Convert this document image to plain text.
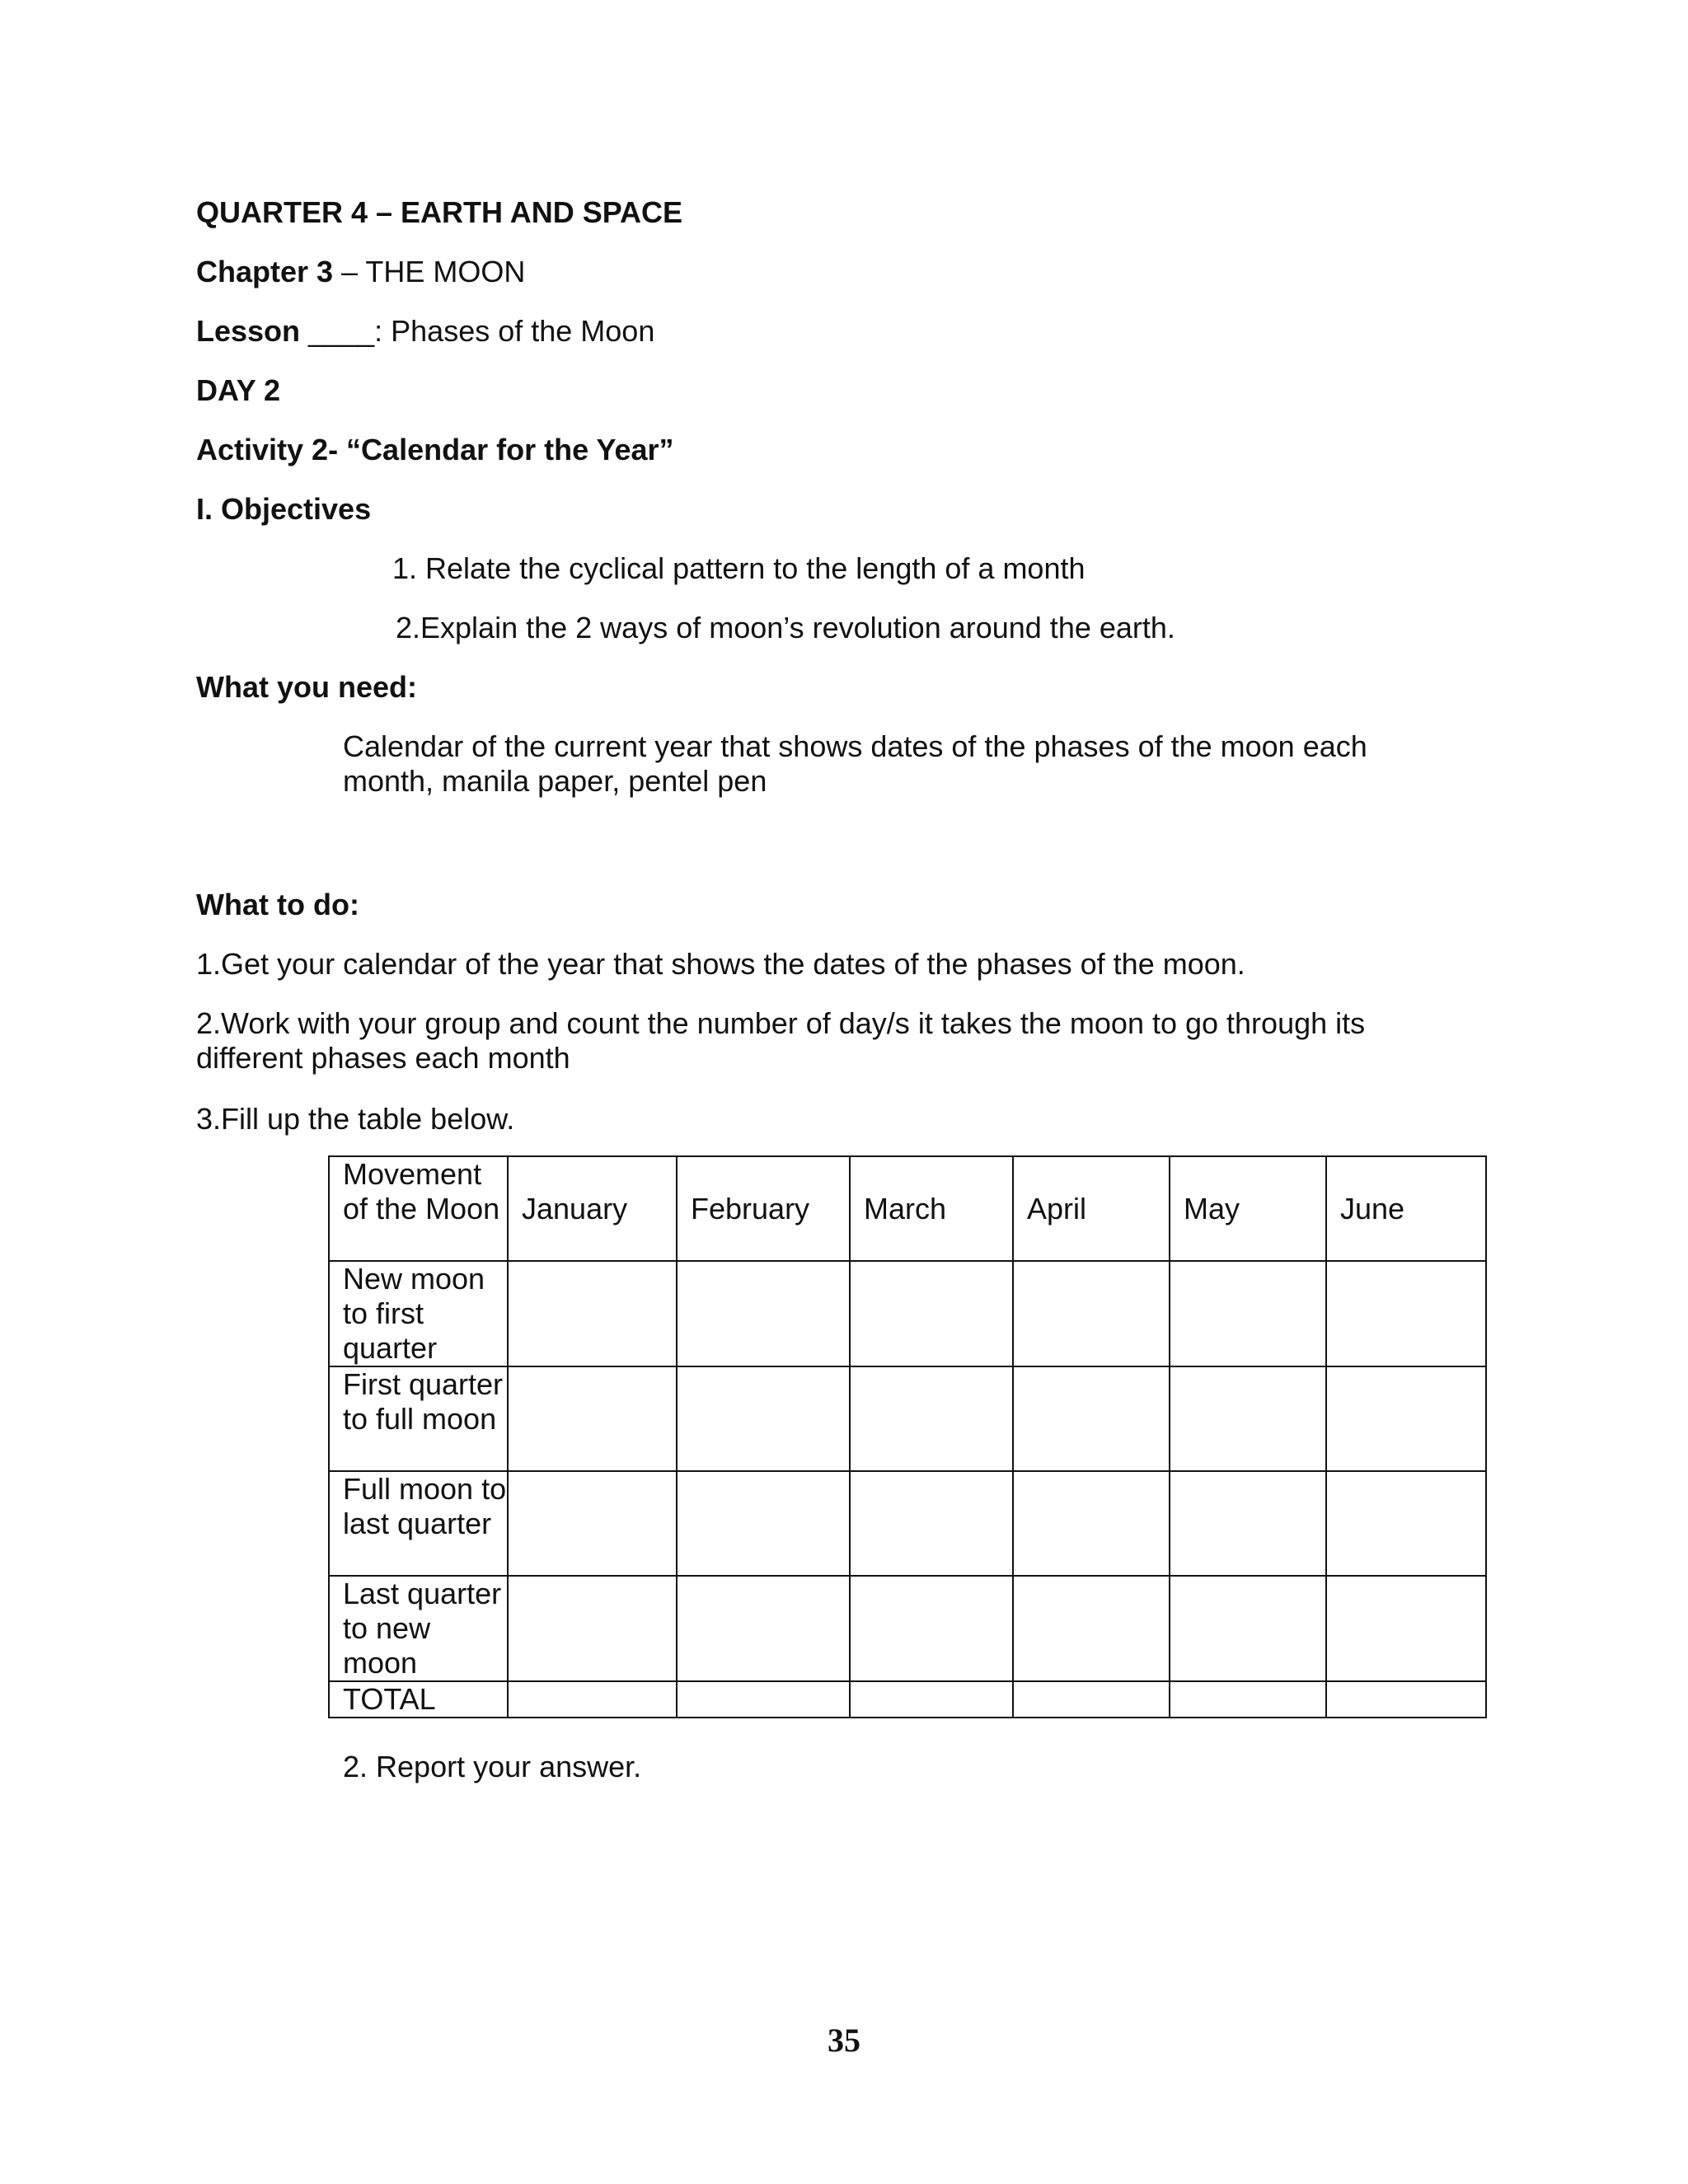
QUARTER 4 – EARTH AND SPACE
Chapter 3 – THE MOON
Lesson ____: Phases of the Moon
DAY 2
Activity 2- “Calendar for the Year”
I. Objectives
1. Relate the cyclical pattern to the length of a month
2.Explain the 2 ways of moon’s revolution around the earth.
What you need:
Calendar of the current year that shows dates of the phases of the moon each month, manila paper, pentel pen
What to do:
1.Get your calendar of the year that shows the dates of the phases of the moon.
2.Work with your group and count the number of day/s it takes the moon to go through its different phases each month
3.Fill up the table below.
Movement of the Moon	January	February	March	April	May	June
New moon to first quarter						
First quarter to full moon						
Full moon to last quarter						
Last quarter to new moon						
TOTAL						
2. Report your answer.
35
